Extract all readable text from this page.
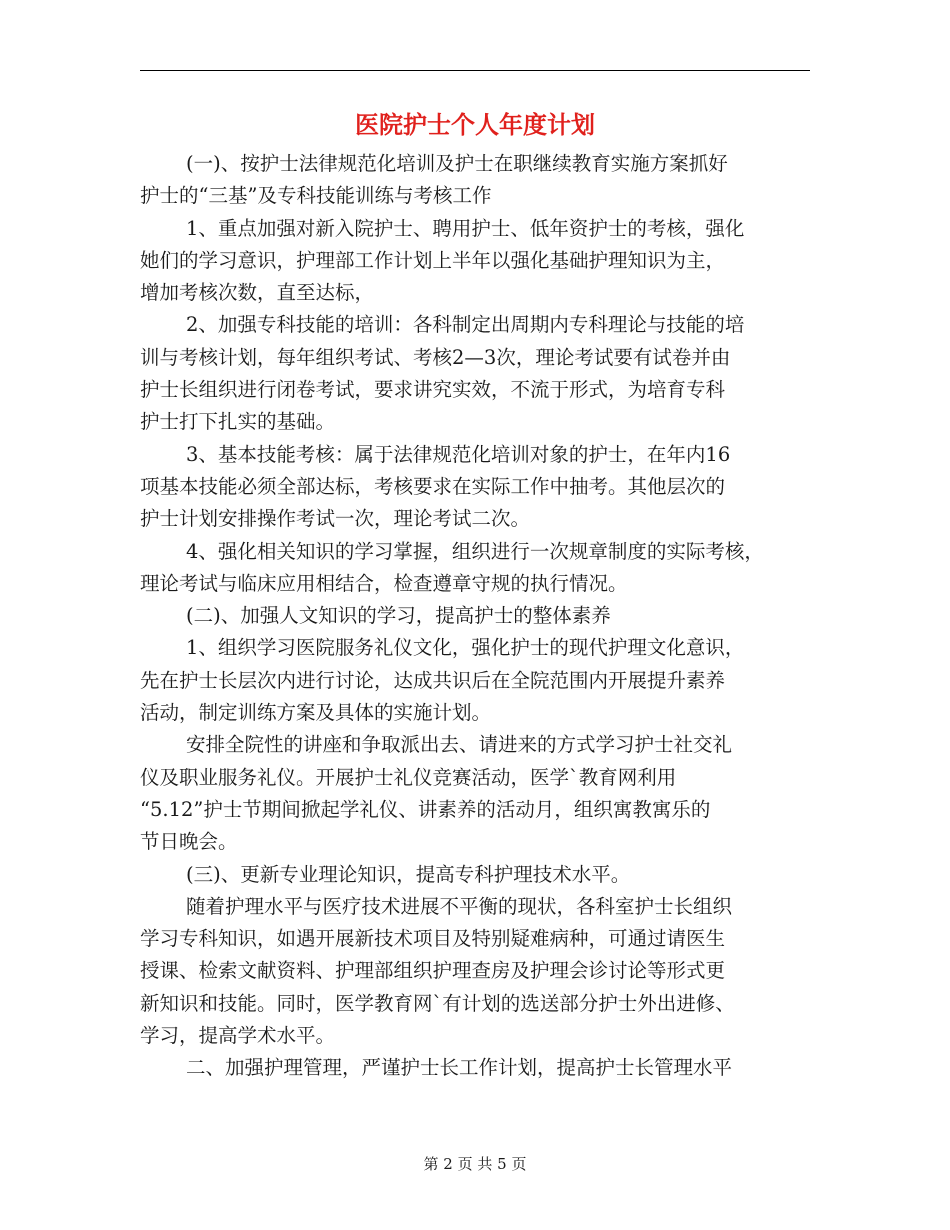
医院护士个人年度计划
(一)、按护士法律规范化培训及护士在职继续教育实施方案抓好
护士的“三基”及专科技能训练与考核工作
1、重点加强对新入院护士、聘用护士、低年资护士的考核，强化
她们的学习意识，护理部工作计划上半年以强化基础护理知识为主，
增加考核次数，直至达标，
2、加强专科技能的培训：各科制定出周期内专科理论与技能的培
训与考核计划，每年组织考试、考核2—3次，理论考试要有试卷并由
护士长组织进行闭卷考试，要求讲究实效，不流于形式，为培育专科
护士打下扎实的基础。
3、基本技能考核：属于法律规范化培训对象的护士，在年内16
项基本技能必须全部达标，考核要求在实际工作中抽考。其他层次的
护士计划安排操作考试一次，理论考试二次。
4、强化相关知识的学习掌握，组织进行一次规章制度的实际考核，
理论考试与临床应用相结合，检查遵章守规的执行情况。
(二)、加强人文知识的学习，提高护士的整体素养
1、组织学习医院服务礼仪文化，强化护士的现代护理文化意识，
先在护士长层次内进行讨论，达成共识后在全院范围内开展提升素养
活动，制定训练方案及具体的实施计划。
安排全院性的讲座和争取派出去、请进来的方式学习护士社交礼
仪及职业服务礼仪。开展护士礼仪竞赛活动，医学`教育网利用
“5.12”护士节期间掀起学礼仪、讲素养的活动月，组织寓教寓乐的
节日晚会。
(三)、更新专业理论知识，提高专科护理技术水平。
随着护理水平与医疗技术进展不平衡的现状，各科室护士长组织
学习专科知识，如遇开展新技术项目及特别疑难病种，可通过请医生
授课、检索文献资料、护理部组织护理查房及护理会诊讨论等形式更
新知识和技能。同时，医学教育网`有计划的选送部分护士外出进修、
学习，提高学术水平。
二、加强护理管理，严谨护士长工作计划，提高护士长管理水平
第 2 页 共 5 页
